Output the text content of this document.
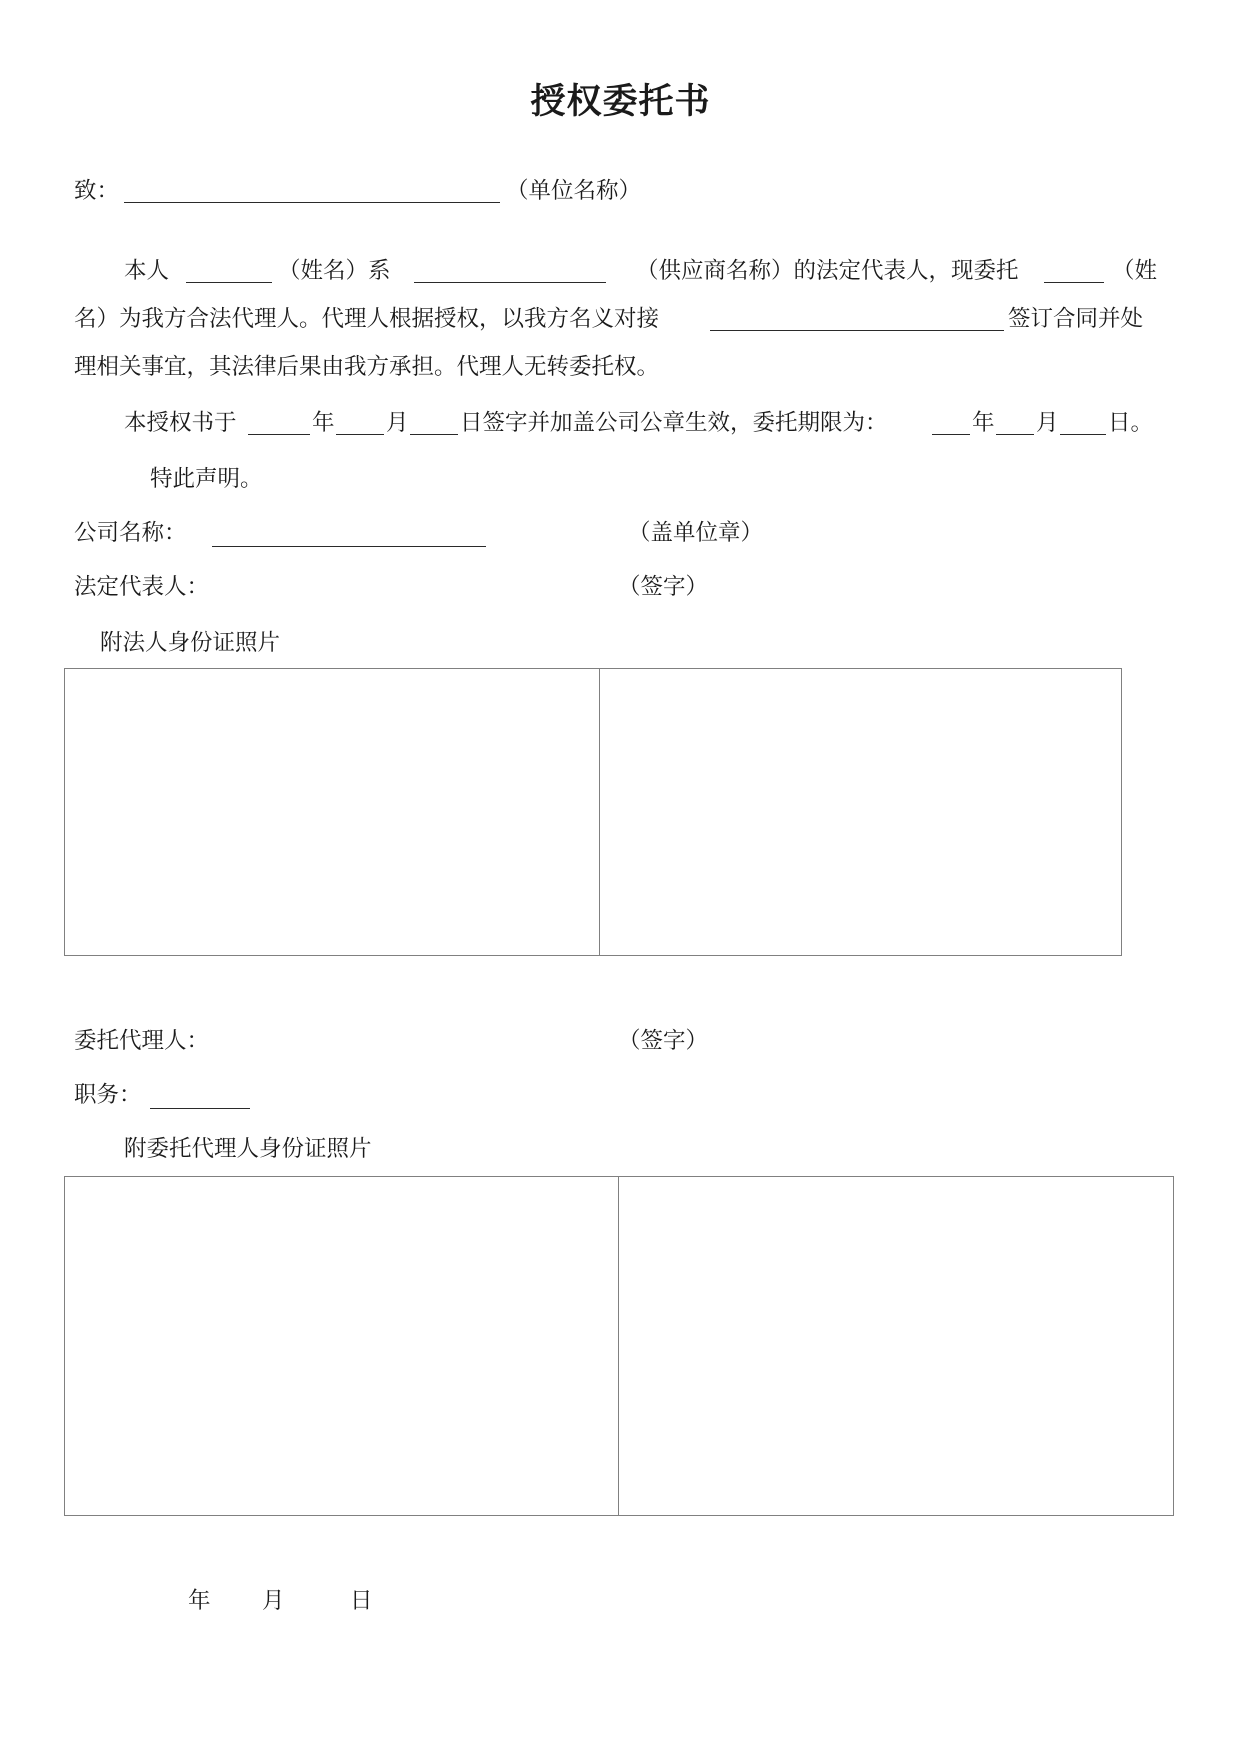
授权委托书
致：	（单位名称）
本人	（姓名）系	（供应商名称）的法定代表人，现委托	（姓
名）为我方合法代理人。代理人根据授权，以我方名义对接	签订合同并处
理相关事宜，其法律后果由我方承担。代理人无转委托权。
本授权书于	年 月 日签字并加盖公司公章生效，委托期限为：	年 月 日。
特此声明。
公司名称：	（盖单位章）
法定代表人：	（签字）
附法人身份证照片
委托代理人：	（签字）
职务：
附委托代理人身份证照片
年 月	日
